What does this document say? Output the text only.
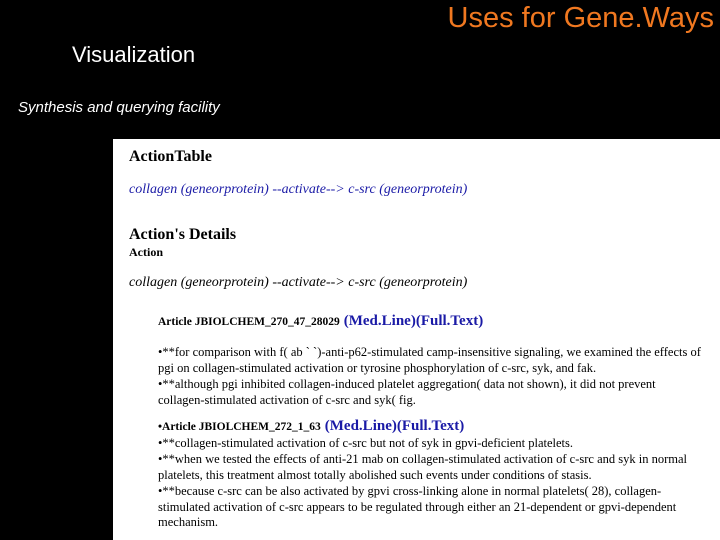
Uses for Gene.Ways
Visualization
Synthesis and querying facility
ActionTable
collagen (geneorprotein) --activate--> c-src (geneorprotein)
Action's Details
Action
collagen (geneorprotein) --activate--> c-src (geneorprotein)
Article JBIOLCHEM_270_47_28029 (Med.Line)(Full.Text)
•**for comparison with f( ab ` `)-anti-p62-stimulated camp-insensitive signaling, we examined the effects of pgi on collagen-stimulated activation or tyrosine phosphorylation of c-src, syk, and fak.
•**although pgi inhibited collagen-induced platelet aggregation( data not shown), it did not prevent collagen-stimulated activation of c-src and syk( fig.
•Article JBIOLCHEM_272_1_63 (Med.Line)(Full.Text)
•**collagen-stimulated activation of c-src but not of syk in gpvi-deficient platelets.
•**when we tested the effects of anti-21 mab on collagen-stimulated activation of c-src and syk in normal platelets, this treatment almost totally abolished such events under conditions of stasis.
•**because c-src can be also activated by gpvi cross-linking alone in normal platelets( 28), collagen-stimulated activation of c-src appears to be regulated through either an 21-dependent or gpvi-dependent mechanism.
